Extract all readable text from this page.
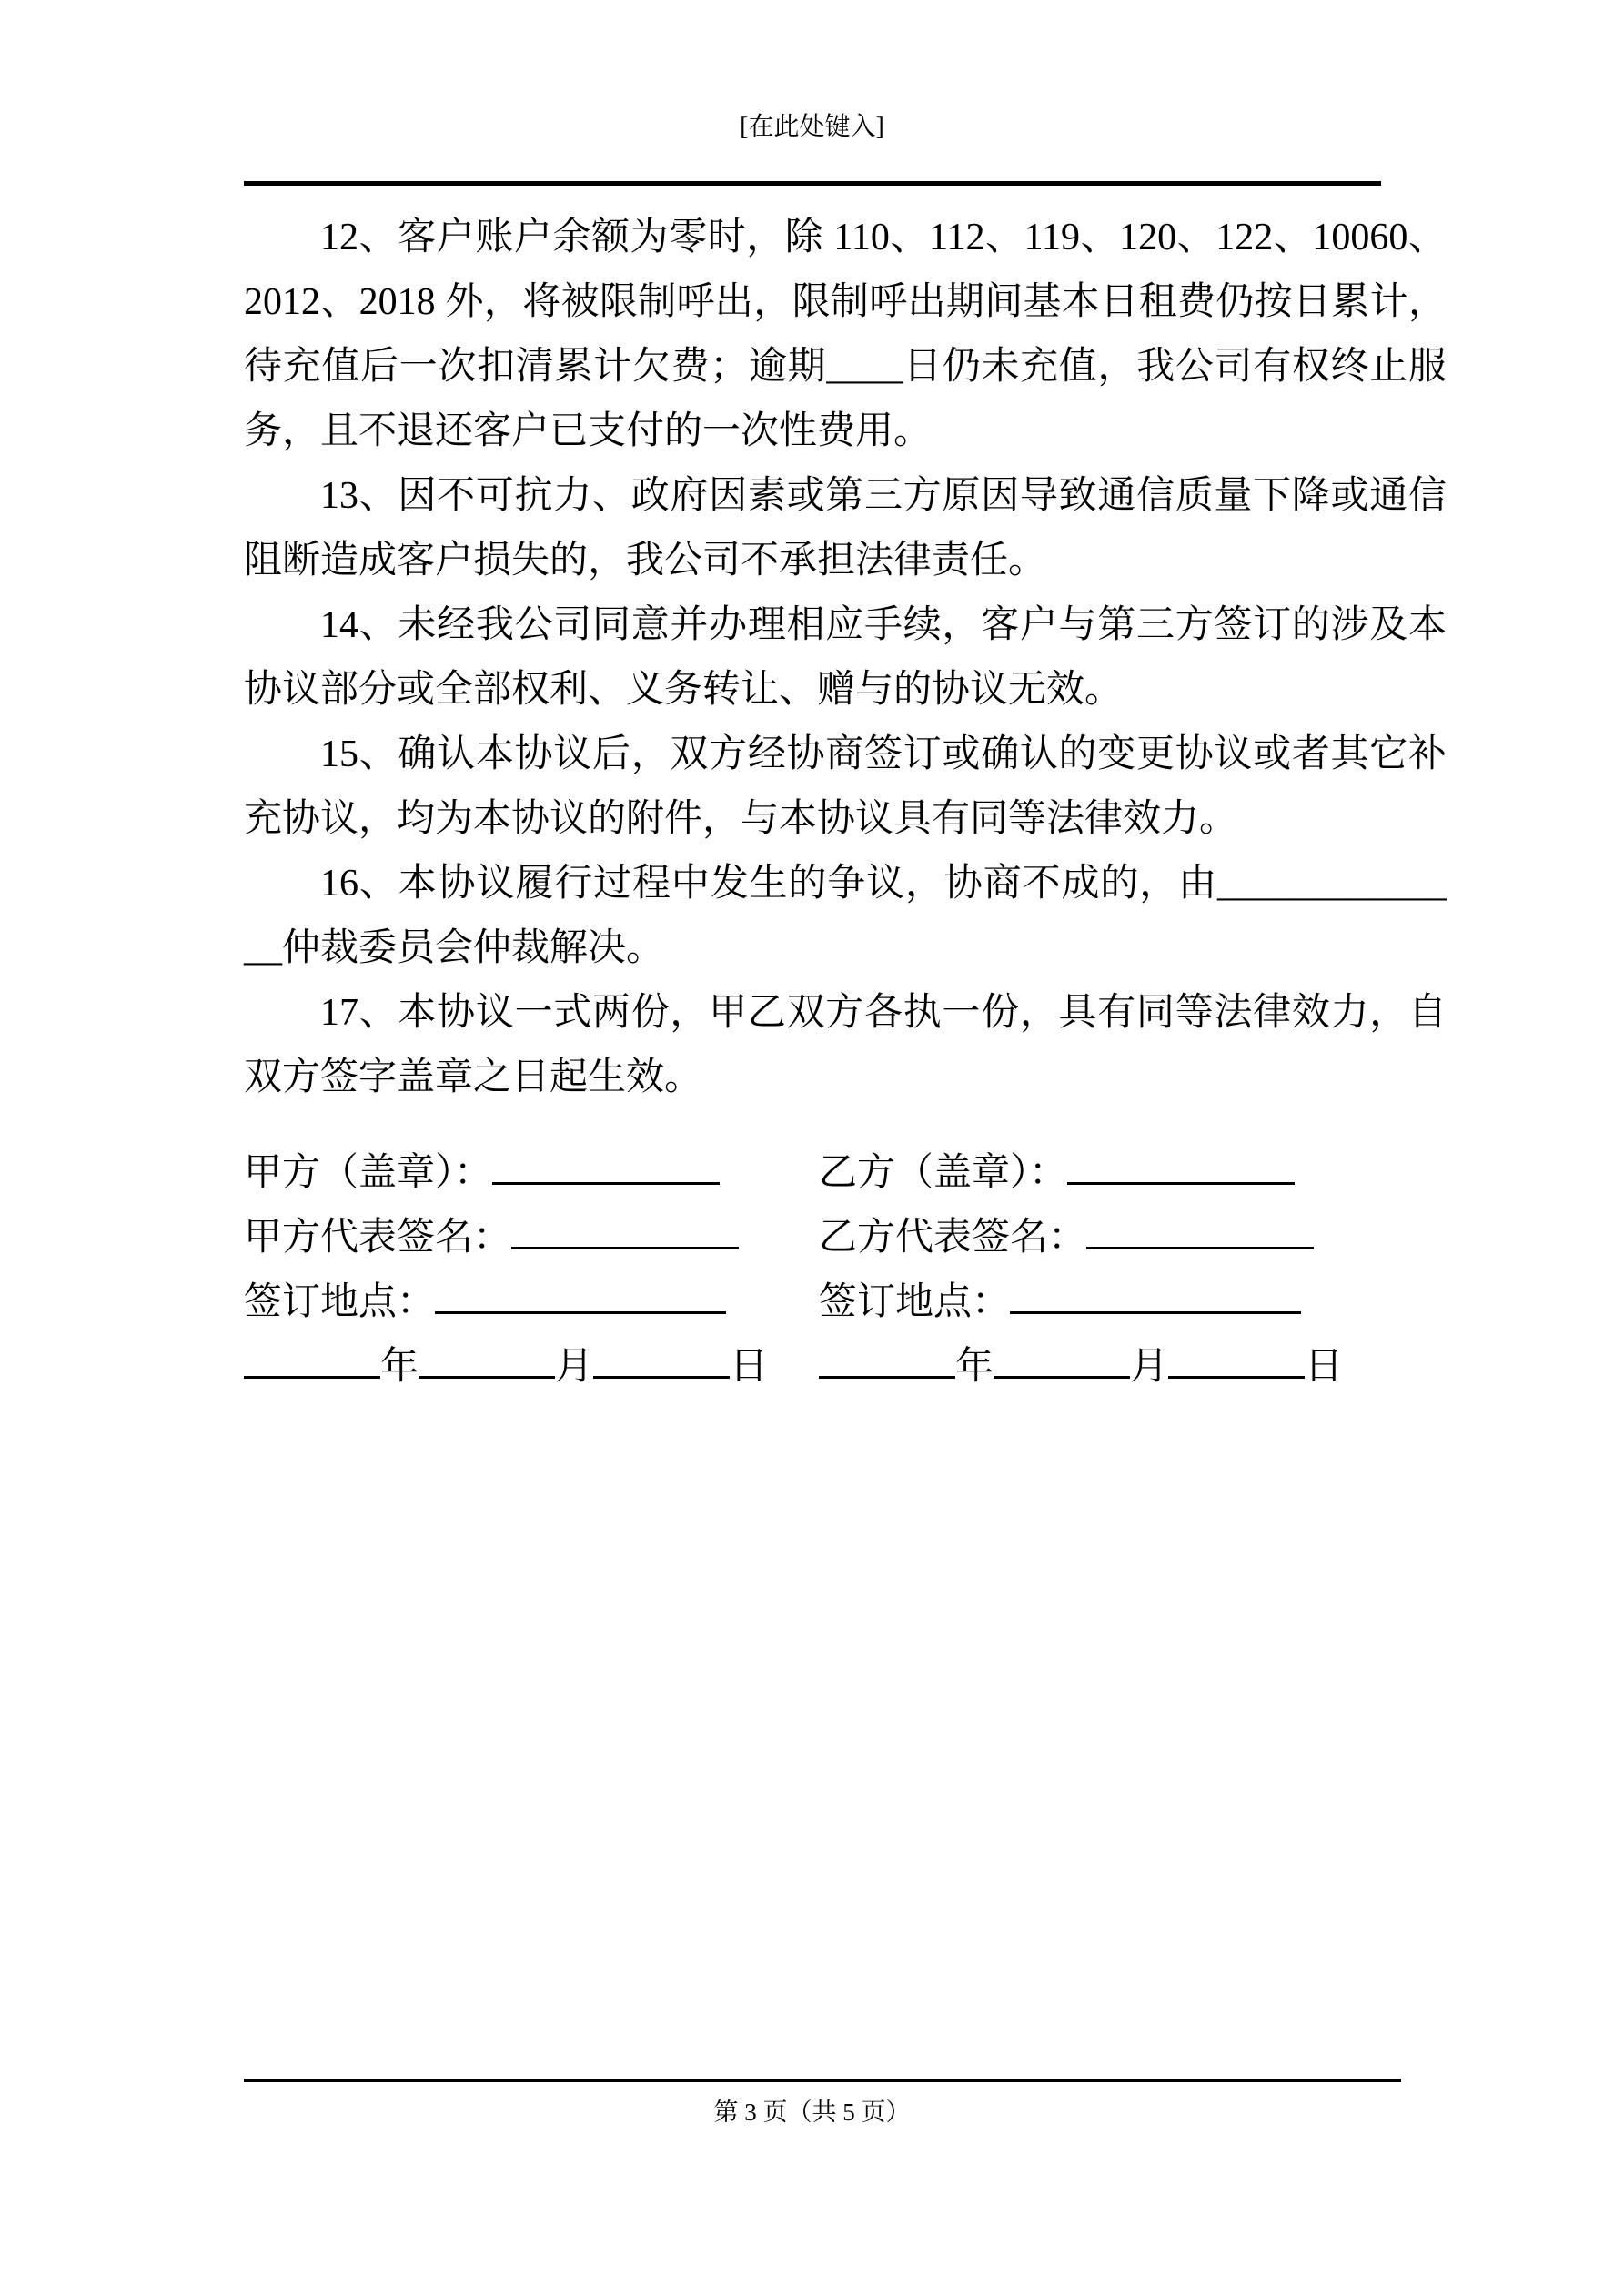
[在此处键入]

12、客户账户余额为零时，除 110、112、119、120、122、10060、2012、2018 外，将被限制呼出，限制呼出期间基本日租费仍按日累计，待充值后一次扣清累计欠费；逾期____日仍未充值，我公司有权终止服务，且不退还客户已支付的一次性费用。

13、因不可抗力、政府因素或第三方原因导致通信质量下降或通信阻断造成客户损失的，我公司不承担法律责任。

14、未经我公司同意并办理相应手续，客户与第三方签订的涉及本协议部分或全部权利、义务转让、赠与的协议无效。

15、确认本协议后，双方经协商签订或确认的变更协议或者其它补充协议，均为本协议的附件，与本协议具有同等法律效力。

16、本协议履行过程中发生的争议，协商不成的，由______________仲裁委员会仲裁解决。

17、本协议一式两份，甲乙双方各执一份，具有同等法律效力，自双方签字盖章之日起生效。

甲方（盖章）：	乙方（盖章）：
甲方代表签名：	乙方代表签名：
签订地点：	签订地点：
年	月	日	年	月	日
第 3 页（共 5 页）
